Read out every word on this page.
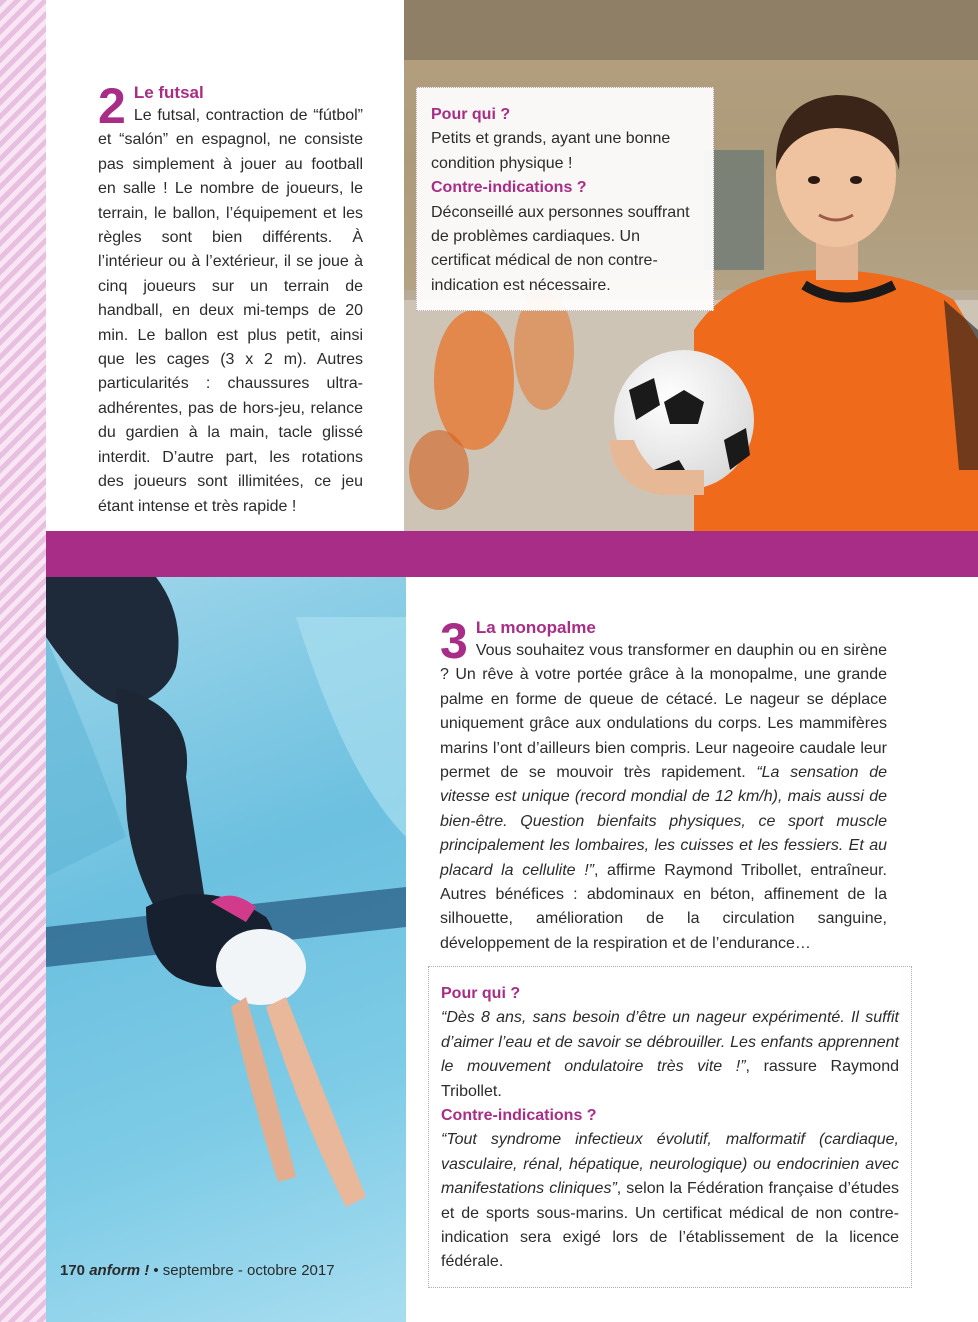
2 Le futsal

Le futsal, contraction de “fútbol” et “salón” en espagnol, ne consiste pas simplement à jouer au football en salle ! Le nombre de joueurs, le terrain, le ballon, l’équipement et les règles sont bien différents. À l’intérieur ou à l’extérieur, il se joue à cinq joueurs sur un terrain de handball, en deux mi-temps de 20 min. Le ballon est plus petit, ainsi que les cages (3 x 2 m). Autres particularités : chaussures ultra-adhérentes, pas de hors-jeu, relance du gardien à la main, tacle glissé interdit. D’autre part, les rotations des joueurs sont illimitées, ce jeu étant intense et très rapide !

Pour qui ?

Petits et grands, ayant une bonne condition physique !

Contre-indications ?

Déconseillé aux personnes souffrant de problèmes cardiaques. Un certificat médical de non contre-indication est nécessaire.

3 La monopalme

Vous souhaitez vous transformer en dauphin ou en sirène ? Un rêve à votre portée grâce à la monopalme, une grande palme en forme de queue de cétacé. Le nageur se déplace uniquement grâce aux ondulations du corps. Les mammifères marins l’ont d’ailleurs bien compris. Leur nageoire caudale leur permet de se mouvoir très rapidement. “La sensation de vitesse est unique (record mondial de 12 km/h), mais aussi de bien-être. Question bienfaits physiques, ce sport muscle principalement les lombaires, les cuisses et les fessiers. Et au placard la cellulite !”, affirme Raymond Tribollet, entraîneur. Autres bénéfices : abdominaux en béton, affinement de la silhouette, amélioration de la circulation sanguine, développement de la respiration et de l’endurance…

Pour qui ?

“Dès 8 ans, sans besoin d’être un nageur expérimenté. Il suffit d’aimer l’eau et de savoir se débrouiller. Les enfants apprennent le mouvement ondulatoire très vite !”, rassure Raymond Tribollet.

Contre-indications ?

“Tout syndrome infectieux évolutif, malformatif (cardiaque, vasculaire, rénal, hépatique, neurologique) ou endocrinien avec manifestations cliniques”, selon la Fédération française d’études et de sports sous-marins. Un certificat médical de non contre-indication sera exigé lors de l’établissement de la licence fédérale.

170 anform ! • septembre - octobre 2017
